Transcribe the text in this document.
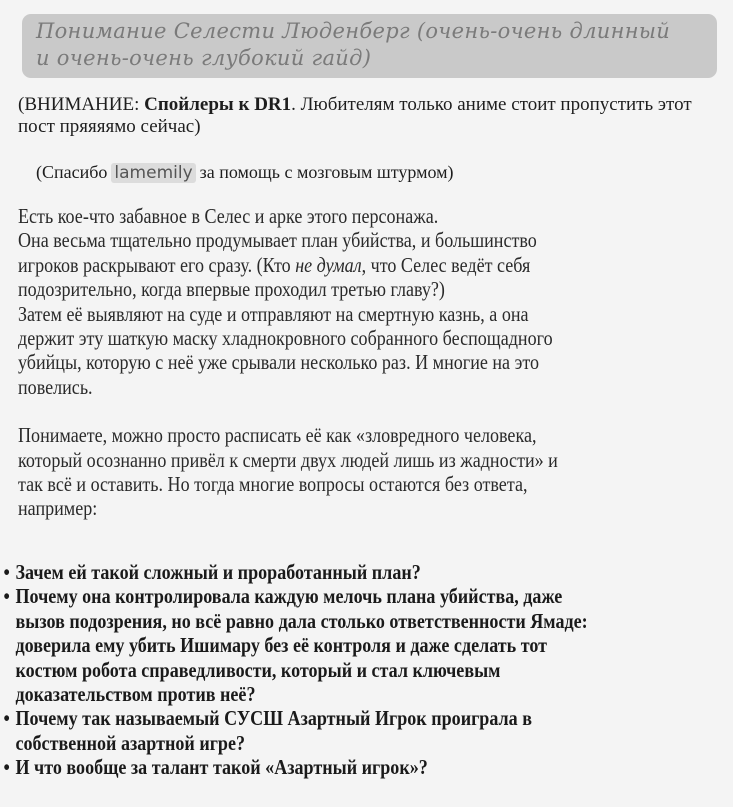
Понимание Селести Люденберг (очень-очень длинный
и очень-очень глубокий гайд)
(ВНИМАНИЕ: Спойлеры к DR1. Любителям только аниме стоит пропустить этот пост пряяяямо сейчас)
(Спасибо lamemily за помощь с мозговым штурмом)

Есть кое-что забавное в Селес и арке этого персонажа.

Она весьма тщательно продумывает план убийства, и большинство

игроков раскрывают его сразу. (Кто не думал, что Селес ведёт себя

подозрительно, когда впервые проходил третью главу?)

Затем её выявляют на суде и отправляют на смертную казнь, а она

держит эту шаткую маску хладнокровного собранного беспощадного

убийцы, которую с неё уже срывали несколько раз. И многие на это

повелись.

Понимаете, можно просто расписать её как «зловредного человека,

который осознанно привёл к смерти двух людей лишь из жадности» и

так всё и оставить. Но тогда многие вопросы остаются без ответа,

например:

• Зачем ей такой сложный и проработанный план?
• Почему она контролировала каждую мелочь плана убийства, даже
вызов подозрения, но всё равно дала столько ответственности Ямаде:
доверила ему убить Ишимару без её контроля и даже сделать тот
костюм робота справедливости, который и стал ключевым
доказательством против неё?
• Почему так называемый СУСШ Азартный Игрок проиграла в
собственной азартной игре?
• И что вообще за талант такой «Азартный игрок»?
